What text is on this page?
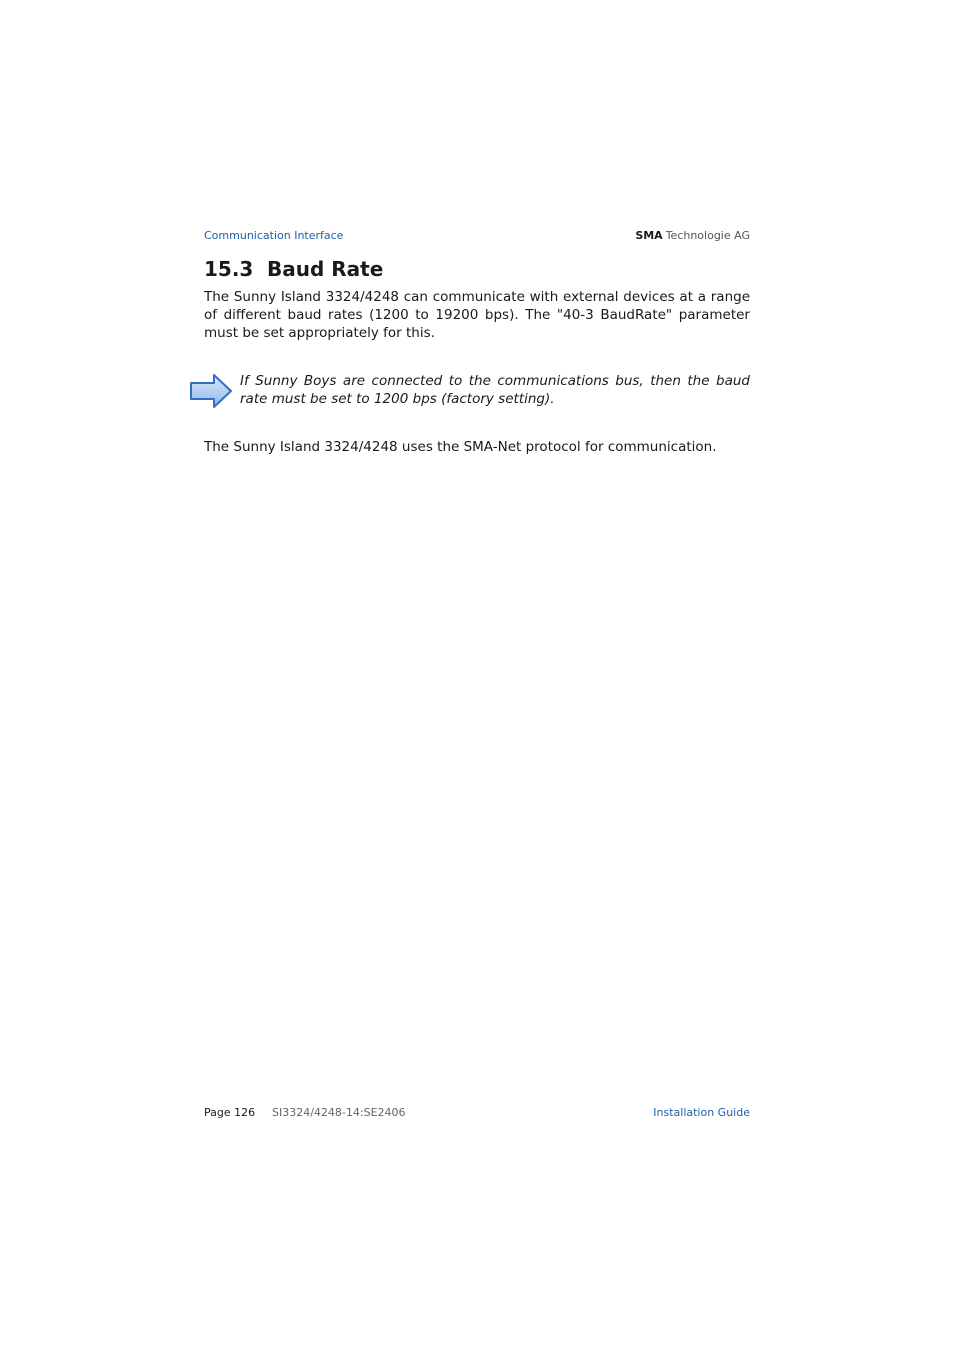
Communication Interface	SMA Technologie AG
15.3 Baud Rate

The Sunny Island 3324/4248 can communicate with external devices at a range of different baud rates (1200 to 19200 bps). The "40-3 BaudRate" parameter must be set appropriately for this.

If Sunny Boys are connected to the communications bus, then the baud rate must be set to 1200 bps (factory setting).

The Sunny Island 3324/4248 uses the SMA-Net protocol for communication.

Page 126 SI3324/4248-14:SE2406	Installation Guide
